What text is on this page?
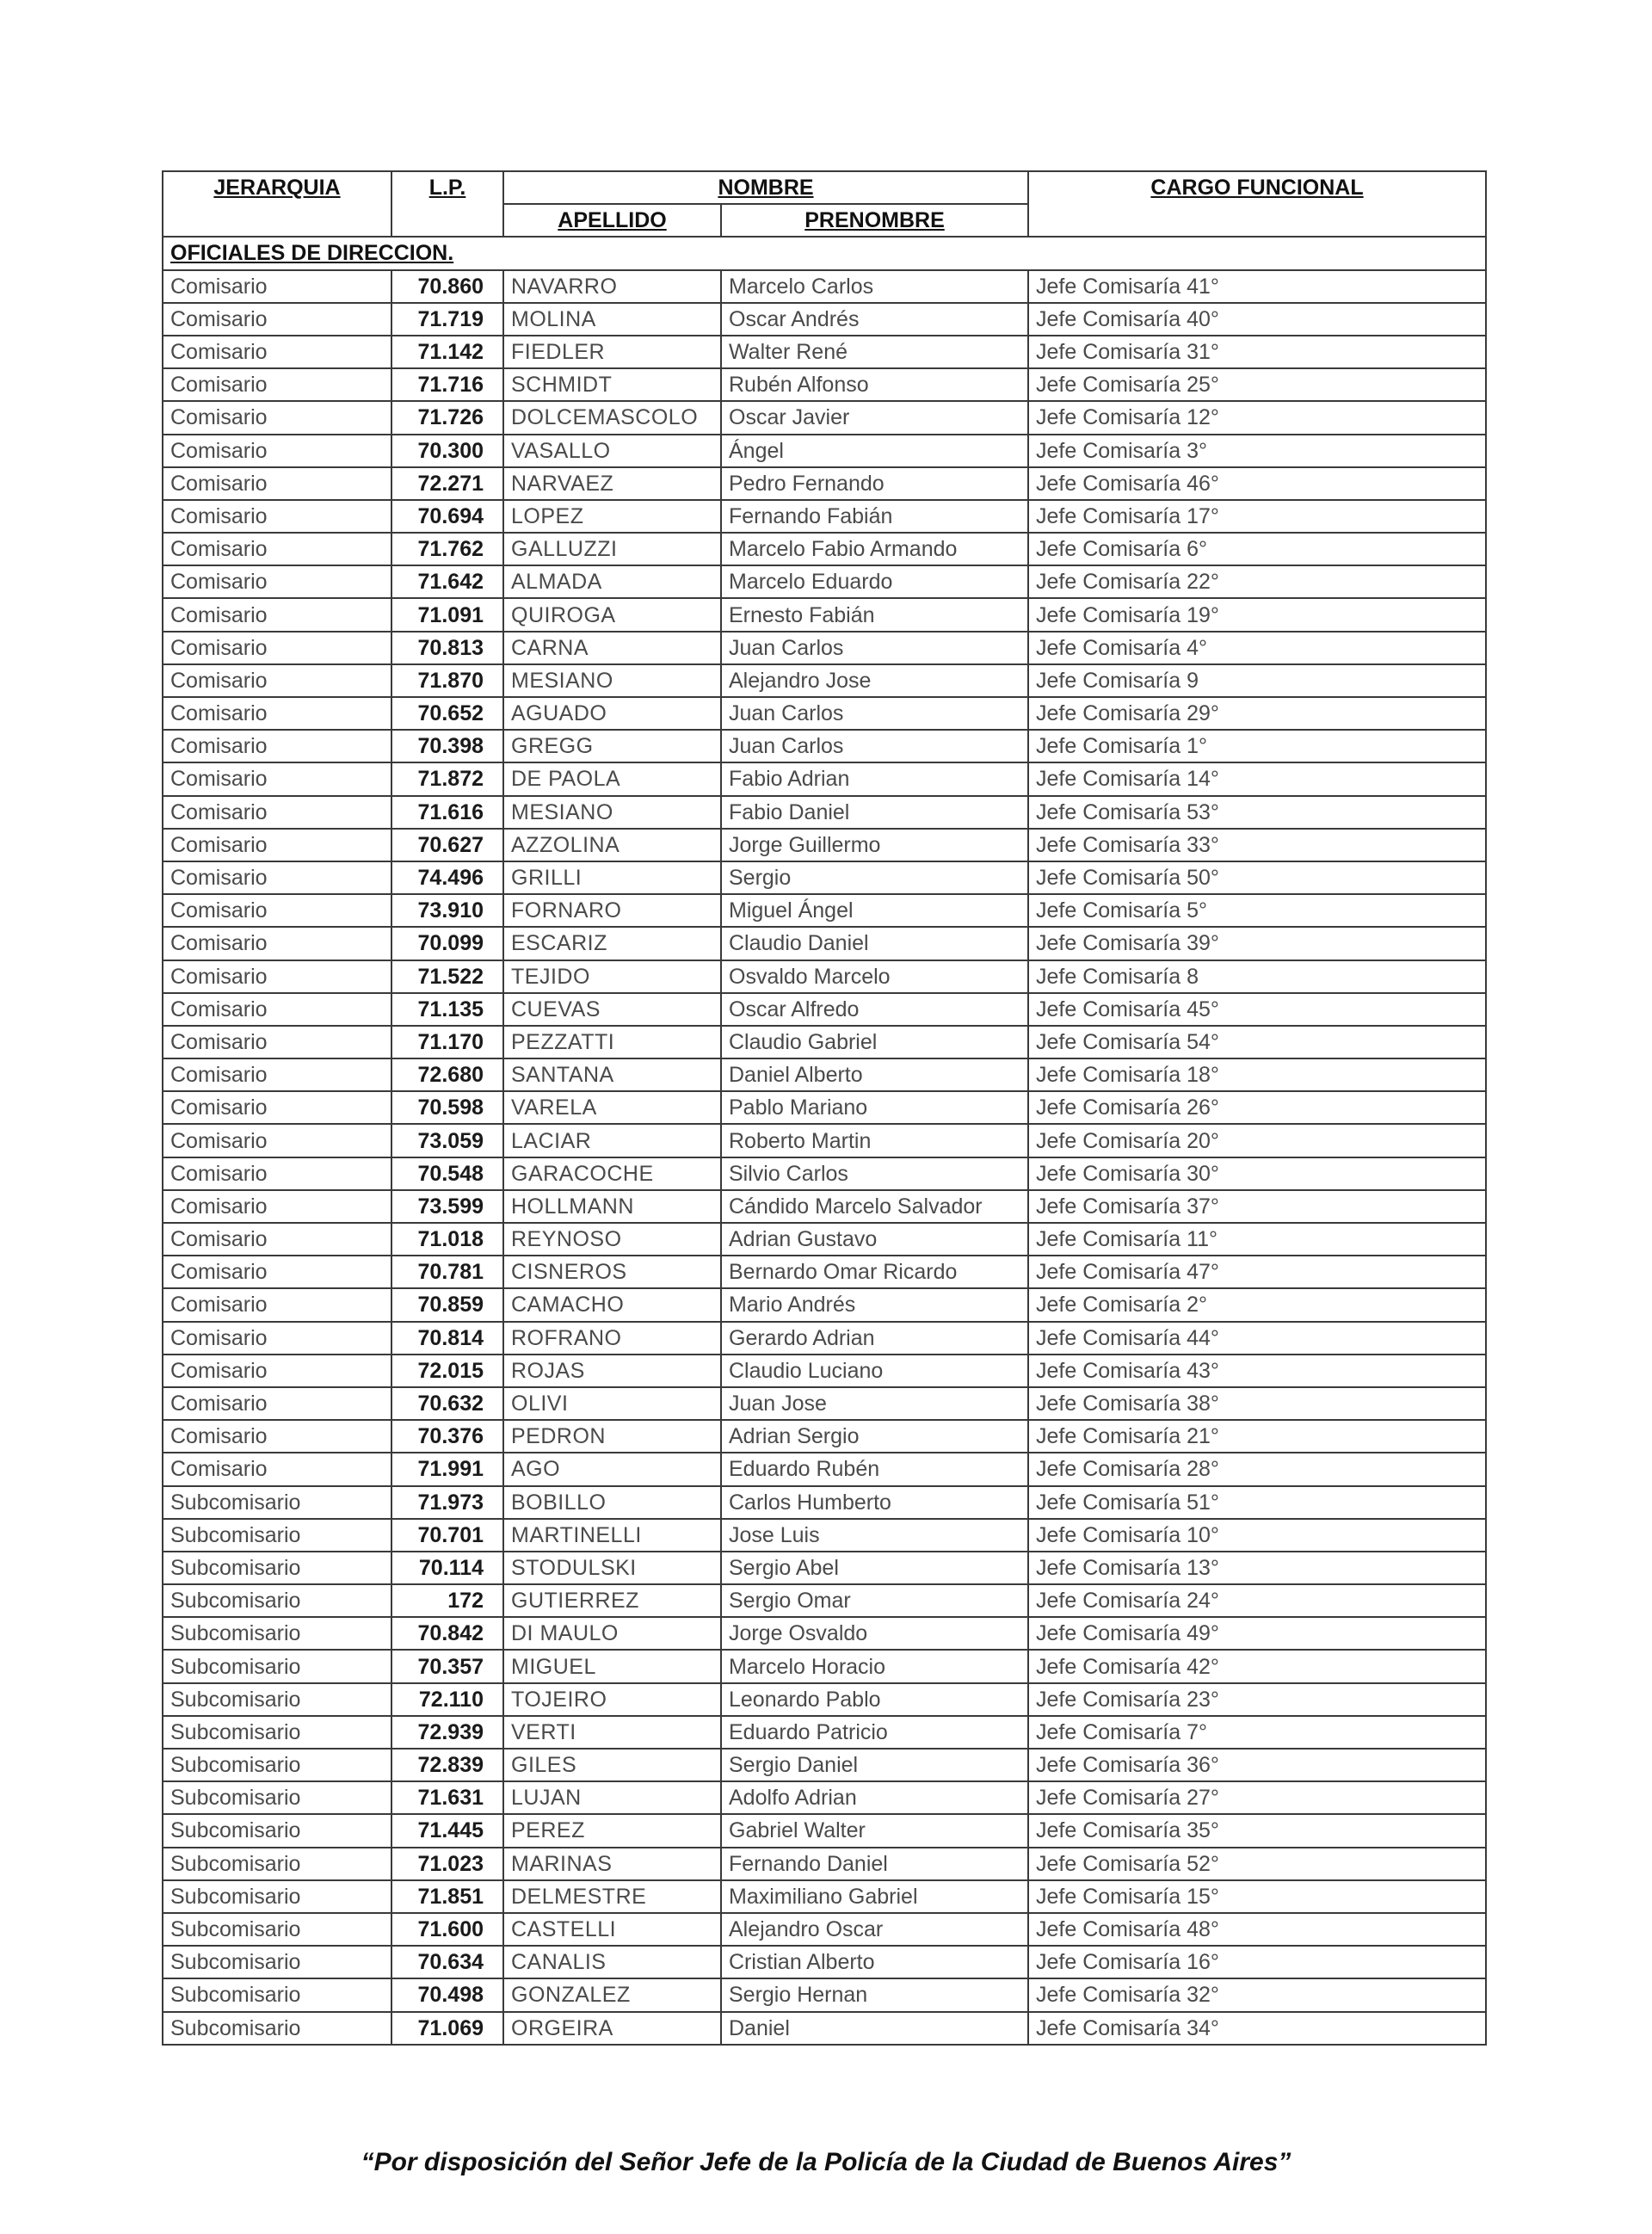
JERARQUIA	L.P.	NOMBRE		CARGO FUNCIONAL
		APELLIDO	PRENOMBRE	
OFICIALES DE DIRECCION.				
Comisario	70.860	NAVARRO	Marcelo Carlos	Jefe Comisaría 41°
Comisario	71.719	MOLINA	Oscar Andrés	Jefe Comisaría 40°
Comisario	71.142	FIEDLER	Walter René	Jefe Comisaría 31°
Comisario	71.716	SCHMIDT	Rubén Alfonso	Jefe Comisaría 25°
Comisario	71.726	DOLCEMASCOLO	Oscar Javier	Jefe Comisaría 12°
Comisario	70.300	VASALLO	Ángel	Jefe Comisaría 3°
Comisario	72.271	NARVAEZ	Pedro Fernando	Jefe Comisaría 46°
Comisario	70.694	LOPEZ	Fernando Fabián	Jefe Comisaría 17°
Comisario	71.762	GALLUZZI	Marcelo Fabio Armando	Jefe Comisaría 6°
Comisario	71.642	ALMADA	Marcelo Eduardo	Jefe Comisaría 22°
Comisario	71.091	QUIROGA	Ernesto Fabián	Jefe Comisaría 19°
Comisario	70.813	CARNA	Juan Carlos	Jefe Comisaría 4°
Comisario	71.870	MESIANO	Alejandro Jose	Jefe Comisaría 9
Comisario	70.652	AGUADO	Juan Carlos	Jefe Comisaría 29°
Comisario	70.398	GREGG	Juan Carlos	Jefe Comisaría 1°
Comisario	71.872	DE PAOLA	Fabio Adrian	Jefe Comisaría 14°
Comisario	71.616	MESIANO	Fabio Daniel	Jefe Comisaría 53°
Comisario	70.627	AZZOLINA	Jorge Guillermo	Jefe Comisaría 33°
Comisario	74.496	GRILLI	Sergio	Jefe Comisaría 50°
Comisario	73.910	FORNARO	Miguel Ángel	Jefe Comisaría 5°
Comisario	70.099	ESCARIZ	Claudio Daniel	Jefe Comisaría 39°
Comisario	71.522	TEJIDO	Osvaldo Marcelo	Jefe Comisaría 8
Comisario	71.135	CUEVAS	Oscar Alfredo	Jefe Comisaría 45°
Comisario	71.170	PEZZATTI	Claudio Gabriel	Jefe Comisaría 54°
Comisario	72.680	SANTANA	Daniel Alberto	Jefe Comisaría 18°
Comisario	70.598	VARELA	Pablo Mariano	Jefe Comisaría 26°
Comisario	73.059	LACIAR	Roberto Martin	Jefe Comisaría 20°
Comisario	70.548	GARACOCHE	Silvio Carlos	Jefe Comisaría 30°
Comisario	73.599	HOLLMANN	Cándido Marcelo Salvador	Jefe Comisaría 37°
Comisario	71.018	REYNOSO	Adrian Gustavo	Jefe Comisaría 11°
Comisario	70.781	CISNEROS	Bernardo Omar Ricardo	Jefe Comisaría 47°
Comisario	70.859	CAMACHO	Mario Andrés	Jefe Comisaría 2°
Comisario	70.814	ROFRANO	Gerardo Adrian	Jefe Comisaría 44°
Comisario	72.015	ROJAS	Claudio Luciano	Jefe Comisaría 43°
Comisario	70.632	OLIVI	Juan Jose	Jefe Comisaría 38°
Comisario	70.376	PEDRON	Adrian Sergio	Jefe Comisaría 21°
Comisario	71.991	AGO	Eduardo Rubén	Jefe Comisaría 28°
Subcomisario	71.973	BOBILLO	Carlos Humberto	Jefe Comisaría 51°
Subcomisario	70.701	MARTINELLI	Jose Luis	Jefe Comisaría 10°
Subcomisario	70.114	STODULSKI	Sergio Abel	Jefe Comisaría 13°
Subcomisario	172	GUTIERREZ	Sergio Omar	Jefe Comisaría 24°
Subcomisario	70.842	DI MAULO	Jorge Osvaldo	Jefe Comisaría 49°
Subcomisario	70.357	MIGUEL	Marcelo Horacio	Jefe Comisaría 42°
Subcomisario	72.110	TOJEIRO	Leonardo Pablo	Jefe Comisaría 23°
Subcomisario	72.939	VERTI	Eduardo Patricio	Jefe Comisaría 7°
Subcomisario	72.839	GILES	Sergio Daniel	Jefe Comisaría 36°
Subcomisario	71.631	LUJAN	Adolfo Adrian	Jefe Comisaría 27°
Subcomisario	71.445	PEREZ	Gabriel Walter	Jefe Comisaría 35°
Subcomisario	71.023	MARINAS	Fernando Daniel	Jefe Comisaría 52°
Subcomisario	71.851	DELMESTRE	Maximiliano Gabriel	Jefe Comisaría 15°
Subcomisario	71.600	CASTELLI	Alejandro Oscar	Jefe Comisaría 48°
Subcomisario	70.634	CANALIS	Cristian Alberto	Jefe Comisaría 16°
Subcomisario	70.498	GONZALEZ	Sergio Hernan	Jefe Comisaría 32°
Subcomisario	71.069	ORGEIRA	Daniel	Jefe Comisaría 34°
“Por disposición del Señor Jefe de la Policía de la Ciudad de Buenos Aires”
